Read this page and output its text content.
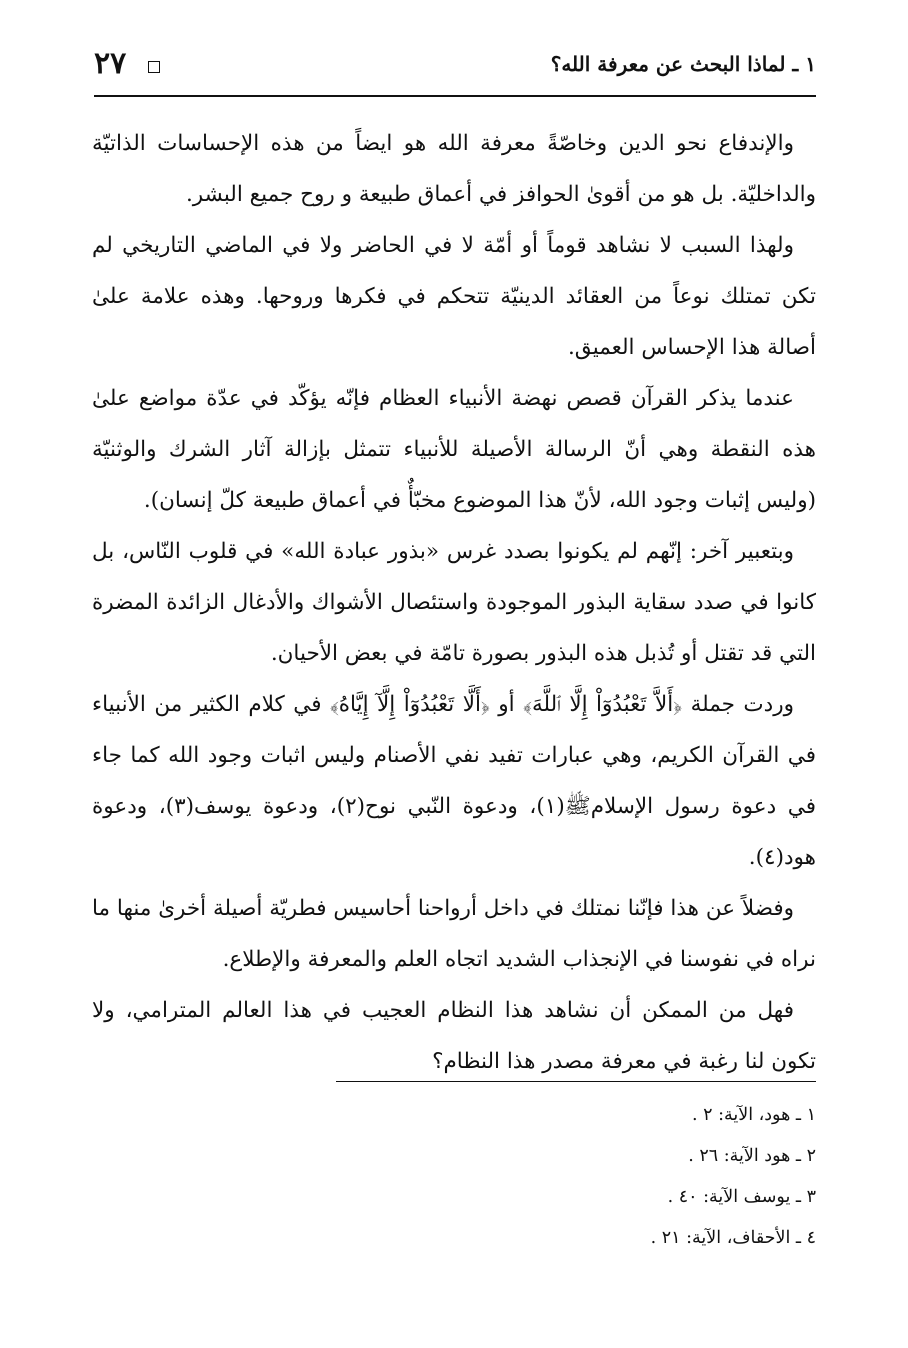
١ ـ لماذا البحث عن معرفة الله؟
٢٧

والإندفاع نحو الدين وخاصّةً معرفة الله هو ايضاً من هذه الإحساسات الذاتيّة والداخليّة. بل هو من أقوىٰ الحوافز في أعماق طبيعة و روح جميع البشر.

ولهذا السبب لا نشاهد قوماً أو أمّة لا في الحاضر ولا في الماضي التاريخي لم تكن تمتلك نوعاً من العقائد الدينيّة تتحكم في فكرها وروحها. وهذه علامة علىٰ أصالة هذا الإحساس العميق.

عندما يذكر القرآن قصص نهضة الأنبياء العظام فإنّه يؤكّد في عدّة مواضع علىٰ هذه النقطة وهي أنّ الرسالة الأصيلة للأنبياء تتمثل بإزالة آثار الشرك والوثنيّة (وليس إثبات وجود الله، لأنّ هذا الموضوع مخبّأٌ في أعماق طبيعة كلّ إنسان).

وبتعبير آخر: إنّهم لم يكونوا بصدد غرس «بذور عبادة الله» في قلوب النّاس، بل كانوا في صدد سقاية البذور الموجودة واستئصال الأشواك والأدغال الزائدة المضرة التي قد تقتل أو تُذبل هذه البذور بصورة تامّة في بعض الأحيان.

وردت جملة ﴿أَلاَّ تَعْبُدُوٓاْ إِلَّا ٱللَّهَ﴾ أو ﴿أَلَّا تَعْبُدُوٓاْ إِلَّآ إِيَّاهُ﴾ في كلام الكثير من الأنبياء في القرآن الكريم، وهي عبارات تفيد نفي الأصنام وليس اثبات وجود الله كما جاء في دعوة رسول الإسلامﷺ(١)، ودعوة النّبي نوح(٢)، ودعوة يوسف(٣)، ودعوة هود(٤).

وفضلاً عن هذا فإنّنا نمتلك في داخل أرواحنا أحاسيس فطريّة أصيلة أخرىٰ منها ما نراه في نفوسنا في الإنجذاب الشديد اتجاه العلم والمعرفة والإطلاع.

فهل من الممكن أن نشاهد هذا النظام العجيب في هذا العالم المترامي، ولا تكون لنا رغبة في معرفة مصدر هذا النظام؟

١ ـ هود، الآية: ٢ .
٢ ـ هود الآية: ٢٦ .
٣ ـ يوسف الآية: ٤٠ .
٤ ـ الأحقاف، الآية: ٢١ .
